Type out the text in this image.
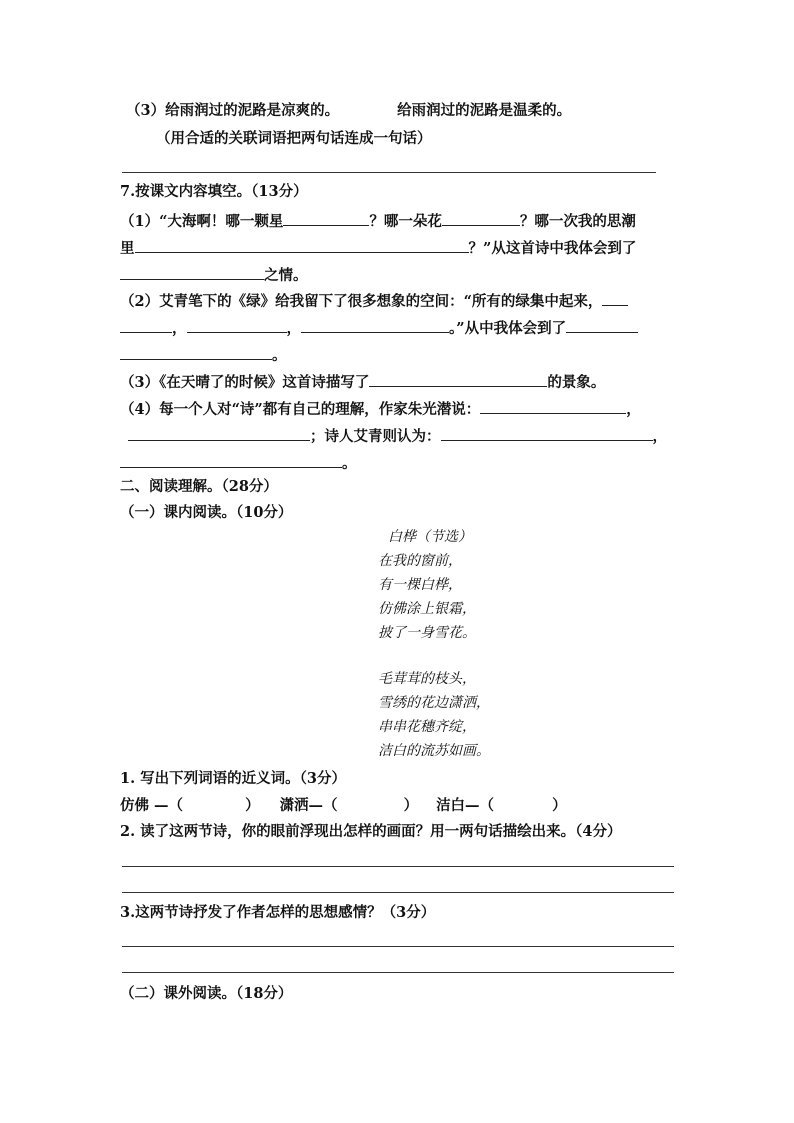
（3）给雨润过的泥路是凉爽的。	给雨润过的泥路是温柔的。
（用合适的关联词语把两句话连成一句话）
7.按课文内容填空。（13分）
（1）“大海啊！哪一颗星	？哪一朵花	？哪一次我的思潮
里	？”从这首诗中我体会到了
之情。
（2）艾青笔下的《绿》给我留下了很多想象的空间：“所有的绿集中起来，
，	，	。”从中我体会到了
。
（3）《在天晴了的时候》这首诗描写了	的景象。
（4）每一个人对“诗”都有自己的理解，作家朱光潜说：	，
；诗人艾青则认为：	，
。
二、阅读理解。（28分）
（一）课内阅读。（10分）
白桦（节选）
在我的窗前，
有一棵白桦，
仿佛涂上银霜，
披了一身雪花。
毛茸茸的枝头，
雪绣的花边潇洒，
串串花穗齐绽，
洁白的流苏如画。
1. 写出下列词语的近义词。（3分）
仿佛 —（	） 潇洒—（	） 洁白—（	）
2. 读了这两节诗，你的眼前浮现出怎样的画面？用一两句话描绘出来。（4分）
3.这两节诗抒发了作者怎样的思想感情？（3分）
（二）课外阅读。（18分）
